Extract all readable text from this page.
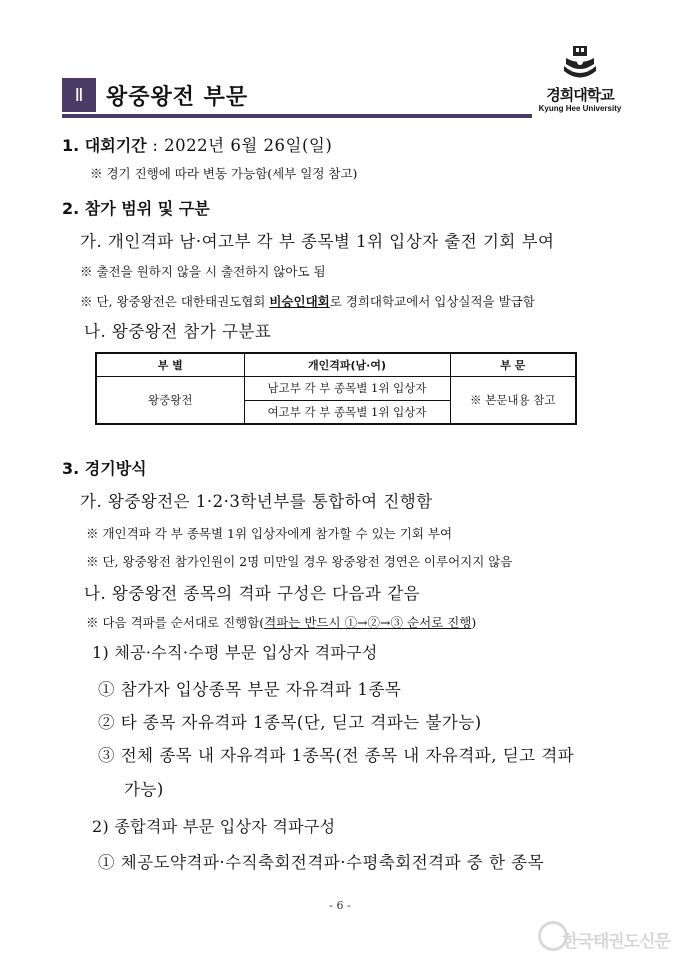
Ⅱ	왕중왕전 부문	경희대학교
Kyung Hee University
1. 대회기간 : 2022년 6월 26일(일)
※ 경기 진행에 따라 변동 가능함(세부 일정 참고)
2. 참가 범위 및 구분
가. 개인격파 남·여고부 각 부 종목별 1위 입상자 출전 기회 부여
※ 출전을 원하지 않을 시 출전하지 않아도 됨
※ 단, 왕중왕전은 대한태권도협회 비승인대회로 경희대학교에서 입상실적을 발급함
나. 왕중왕전 참가 구분표
부 별	개인격파(남·여)	부 문
왕중왕전	남고부 각 부 종목별 1위 입상자	※ 본문내용 참고
	여고부 각 부 종목별 1위 입상자	
3. 경기방식
가. 왕중왕전은 1·2·3학년부를 통합하여 진행함
※ 개인격파 각 부 종목별 1위 입상자에게 참가할 수 있는 기회 부여
※ 단, 왕중왕전 참가인원이 2명 미만일 경우 왕중왕전 경연은 이루어지지 않음
나. 왕중왕전 종목의 격파 구성은 다음과 같음
※ 다음 격파를 순서대로 진행함(격파는 반드시 ①→②→③ 순서로 진행)
1) 체공·수직·수평 부문 입상자 격파구성
① 참가자 입상종목 부문 자유격파 1종목
② 타 종목 자유격파 1종목(단, 딛고 격파는 불가능)
③ 전체 종목 내 자유격파 1종목(전 종목 내 자유격파, 딛고 격파
가능)
2) 종합격파 부문 입상자 격파구성
① 체공도약격파·수직축회전격파·수평축회전격파 중 한 종목
- 6 -
한국태권도신문
